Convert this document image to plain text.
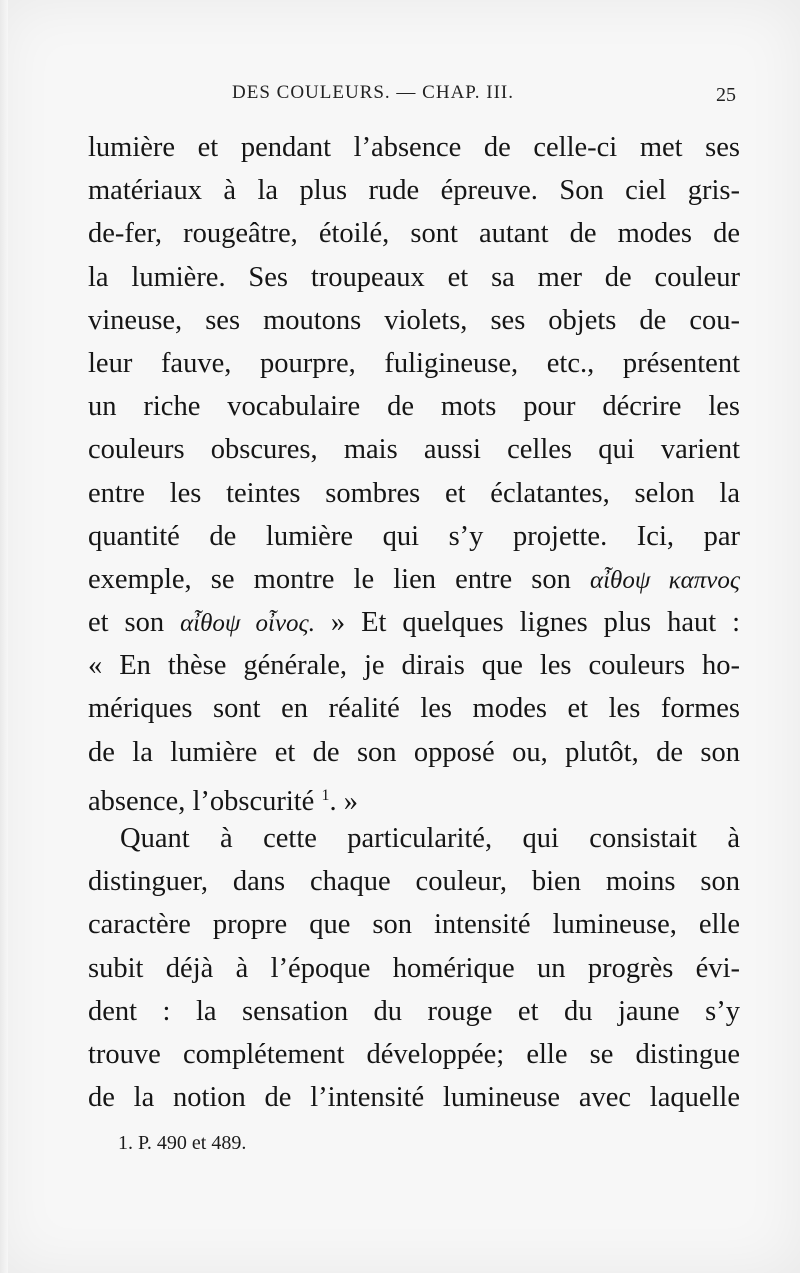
DES COULEURS. — CHAP. III.	25
lumière et pendant l’absence de celle-ci met ses
matériaux à la plus rude épreuve. Son ciel gris-
de-fer, rougeâtre, étoilé, sont autant de modes de
la lumière. Ses troupeaux et sa mer de couleur
vineuse, ses moutons violets, ses objets de cou-
leur fauve, pourpre, fuligineuse, etc., présentent
un riche vocabulaire de mots pour décrire les
couleurs obscures, mais aussi celles qui varient
entre les teintes sombres et éclatantes, selon la
quantité de lumière qui s’y projette. Ici, par
exemple, se montre le lien entre son αἶθοψ καπνος
et son αἶθοψ οἶνος. » Et quelques lignes plus haut :
« En thèse générale, je dirais que les couleurs ho-
mériques sont en réalité les modes et les formes
de la lumière et de son opposé ou, plutôt, de son
absence, l’obscurité $^1$. »
Quant à cette particularité, qui consistait à
distinguer, dans chaque couleur, bien moins son
caractère propre que son intensité lumineuse, elle
subit déjà à l’époque homérique un progrès évi-
dent : la sensation du rouge et du jaune s’y
trouve complétement développée; elle se distingue
de la notion de l’intensité lumineuse avec laquelle
1. P. 490 et 489.
